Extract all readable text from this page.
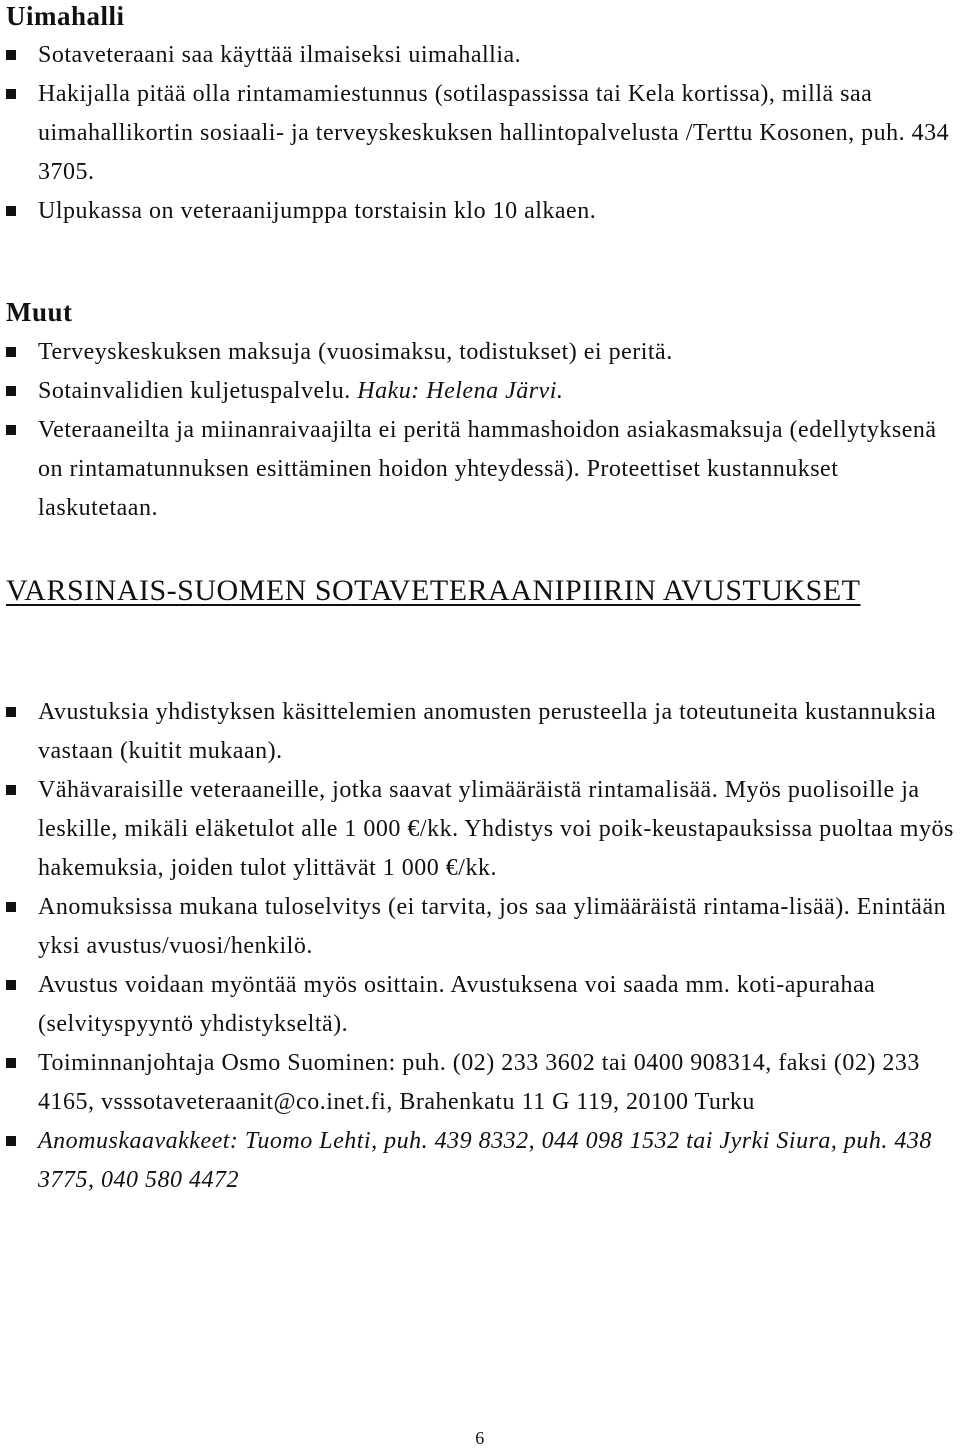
Uimahalli
Sotaveteraani saa käyttää ilmaiseksi uimahallia.
Hakijalla pitää olla rintamamiestunnus (sotilaspassissa tai Kela kortissa), millä saa uimahallikortin sosiaali- ja terveyskeskuksen hallintopalvelusta /Terttu Kosonen, puh. 434 3705.
Ulpukassa on veteraanijumppa torstaisin klo 10 alkaen.
Muut
Terveyskeskuksen maksuja (vuosimaksu, todistukset) ei peritä.
Sotainvalidien kuljetuspalvelu. Haku: Helena Järvi.
Veteraaneilta ja miinanraivaajilta ei peritä hammashoidon asiakasmaksuja (edellytyksenä on rintamatunnuksen esittäminen hoidon yhteydessä). Proteettiset kustannukset laskutetaan.
VARSINAIS-SUOMEN SOTAVETERAANIPIIRIN AVUSTUKSET
Avustuksia yhdistyksen käsittelemien anomusten perusteella ja toteutuneita kustannuksia vastaan (kuitit mukaan).
Vähävaraisille veteraaneille, jotka saavat ylimääräistä rintamalisää. Myös puolisoille ja leskille, mikäli eläketulot alle 1 000 €/kk. Yhdistys voi poik-keustapauksissa puoltaa myös hakemuksia, joiden tulot ylittävät 1 000 €/kk.
Anomuksissa mukana tuloselvitys (ei tarvita, jos saa ylimääräistä rintama-lisää). Enintään yksi avustus/vuosi/henkilö.
Avustus voidaan myöntää myös osittain. Avustuksena voi saada mm. koti-apurahaa (selvityspyyntö yhdistykseltä).
Toiminnanjohtaja Osmo Suominen: puh. (02) 233 3602 tai 0400 908314, faksi (02) 233 4165, vsssotaveteraanit@co.inet.fi, Brahenkatu 11 G 119, 20100 Turku
Anomuskaavakkeet: Tuomo Lehti, puh. 439 8332, 044 098 1532 tai Jyrki Siura, puh. 438 3775, 040 580 4472
6
